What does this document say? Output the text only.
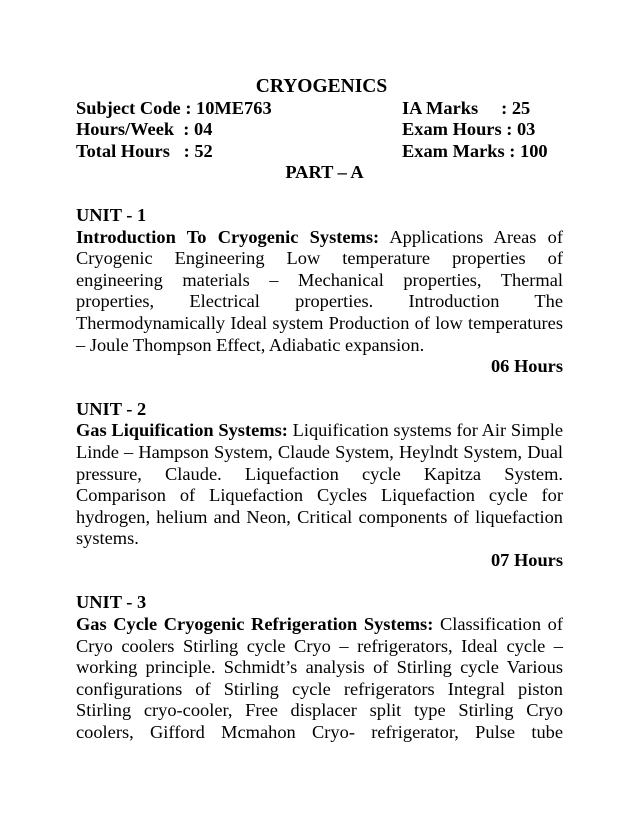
CRYOGENICS
Subject Code : 10ME763	IA Marks     : 25
Hours/Week  : 04	Exam Hours : 03
Total Hours   : 52	Exam Marks : 100
PART – A
UNIT - 1
Introduction To Cryogenic Systems: Applications Areas of Cryogenic Engineering Low temperature properties of engineering materials – Mechanical properties, Thermal properties, Electrical properties. Introduction The Thermodynamically Ideal system Production of low temperatures – Joule Thompson Effect, Adiabatic expansion.
06 Hours
UNIT - 2
Gas Liquification Systems: Liquification systems for Air Simple Linde – Hampson System, Claude System, Heylndt System, Dual pressure, Claude. Liquefaction cycle Kapitza System. Comparison of Liquefaction Cycles Liquefaction cycle for hydrogen, helium and Neon, Critical components of liquefaction systems.
07 Hours
UNIT - 3
Gas Cycle Cryogenic Refrigeration Systems: Classification of Cryo coolers Stirling cycle Cryo – refrigerators, Ideal cycle – working principle. Schmidt’s analysis of Stirling cycle Various configurations of Stirling cycle refrigerators Integral piston Stirling cryo-cooler, Free displacer split type Stirling Cryo coolers, Gifford Mcmahon Cryo- refrigerator, Pulse tube
